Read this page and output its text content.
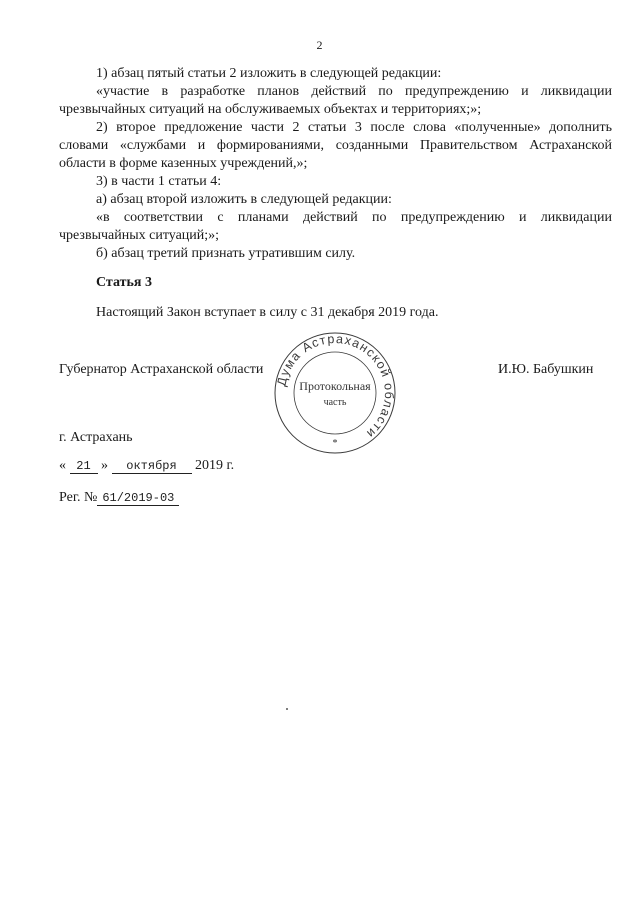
2

1) абзац пятый статьи 2 изложить в следующей редакции:

«участие в разработке планов действий по предупреждению и ликвидации чрезвычайных ситуаций на обслуживаемых объектах и территориях;»;

2) второе предложение части 2 статьи 3 после слова «полученные» дополнить словами «службами и формированиями, созданными Правительством Астраханской области в форме казенных учреждений,»;

3) в части 1 статьи 4:

а) абзац второй изложить в следующей редакции:

«в соответствии с планами действий по предупреждению и ликвидации чрезвычайных ситуаций;»;

б) абзац третий признать утратившим силу.

Статья 3
Настоящий Закон вступает в силу с 31 декабря 2019 года.
Губернатор Астраханской области	И.Ю. Бабушкин
Дума Астраханской области
Протокольная
часть
*
г. Астрахань
« 21 » октября 2019 г.
Рег. № 61/2019-03
